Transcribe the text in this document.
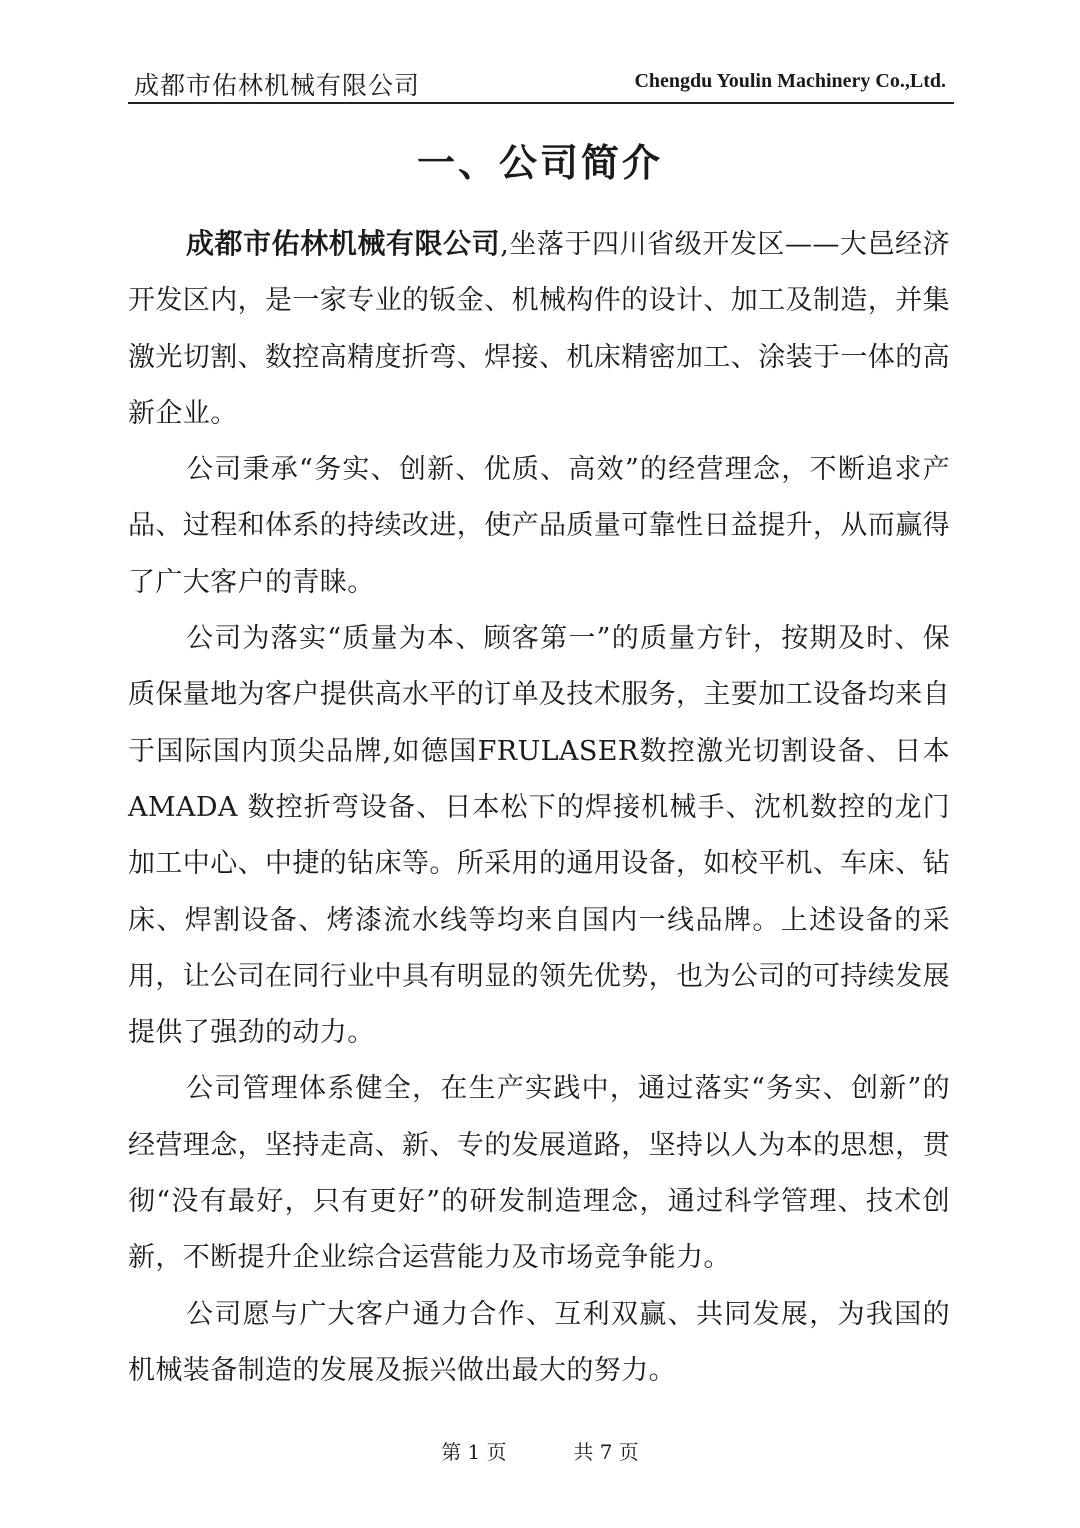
成都市佑林机械有限公司	Chengdu Youlin Machinery Co.,Ltd.
一、公司简介

成都市佑林机械有限公司,坐落于四川省级开发区——大邑经济开发区内，是一家专业的钣金、机械构件的设计、加工及制造，并集激光切割、数控高精度折弯、焊接、机床精密加工、涂装于一体的高新企业。

公司秉承“务实、创新、优质、高效”的经营理念，不断追求产品、过程和体系的持续改进，使产品质量可靠性日益提升，从而赢得了广大客户的青睐。

公司为落实“质量为本、顾客第一”的质量方针，按期及时、保质保量地为客户提供高水平的订单及技术服务，主要加工设备均来自于国际国内顶尖品牌,如德国FRULASER数控激光切割设备、日本 AMADA 数控折弯设备、日本松下的焊接机械手、沈机数控的龙门加工中心、中捷的钻床等。所采用的通用设备，如校平机、车床、钻床、焊割设备、烤漆流水线等均来自国内一线品牌。上述设备的采用，让公司在同行业中具有明显的领先优势，也为公司的可持续发展提供了强劲的动力。

公司管理体系健全，在生产实践中，通过落实“务实、创新”的经营理念，坚持走高、新、专的发展道路，坚持以人为本的思想，贯彻“没有最好，只有更好”的研发制造理念，通过科学管理、技术创新，不断提升企业综合运营能力及市场竞争能力。

公司愿与广大客户通力合作、互利双赢、共同发展，为我国的机械装备制造的发展及振兴做出最大的努力。

第 1 页	共 7 页
